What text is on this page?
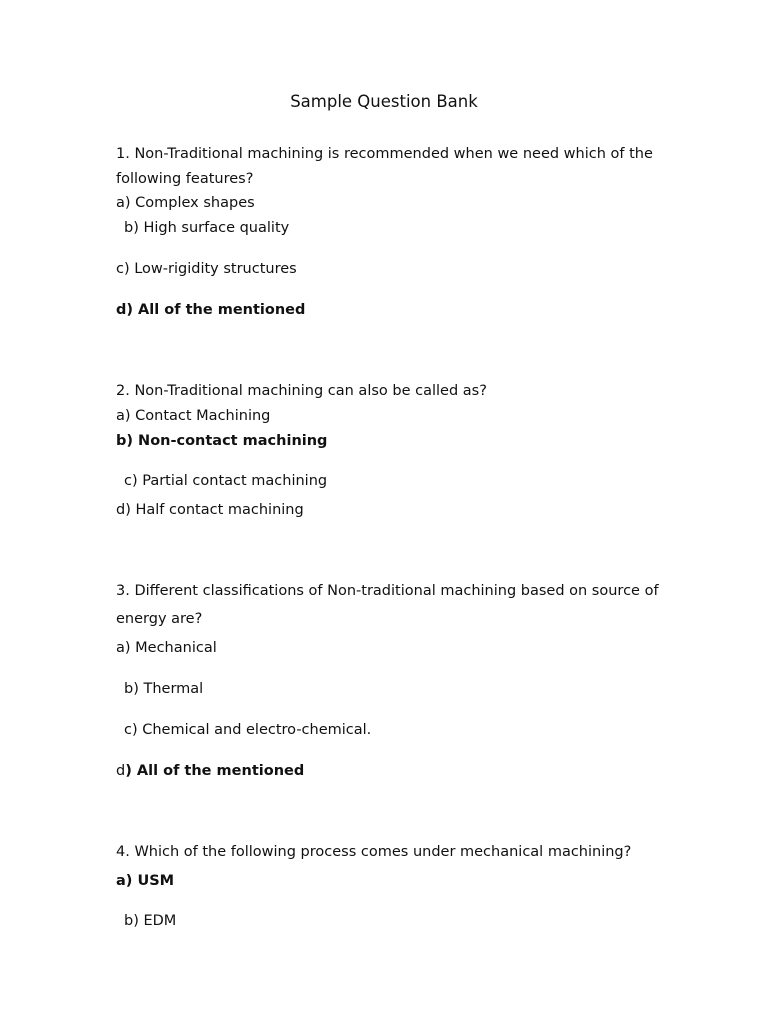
Sample Question Bank
1. Non-Traditional machining is recommended when we need which of the
following features?
a) Complex shapes
b) High surface quality
c) Low-rigidity structures
d) All of the mentioned
2. Non-Traditional machining can also be called as?
a) Contact Machining
b) Non-contact machining
c) Partial contact machining
d) Half contact machining
3. Different classifications of Non-traditional machining based on source of
energy are?
a) Mechanical
b) Thermal
c) Chemical and electro-chemical.
d) All of the mentioned
4. Which of the following process comes under mechanical machining?
a) USM
b) EDM
